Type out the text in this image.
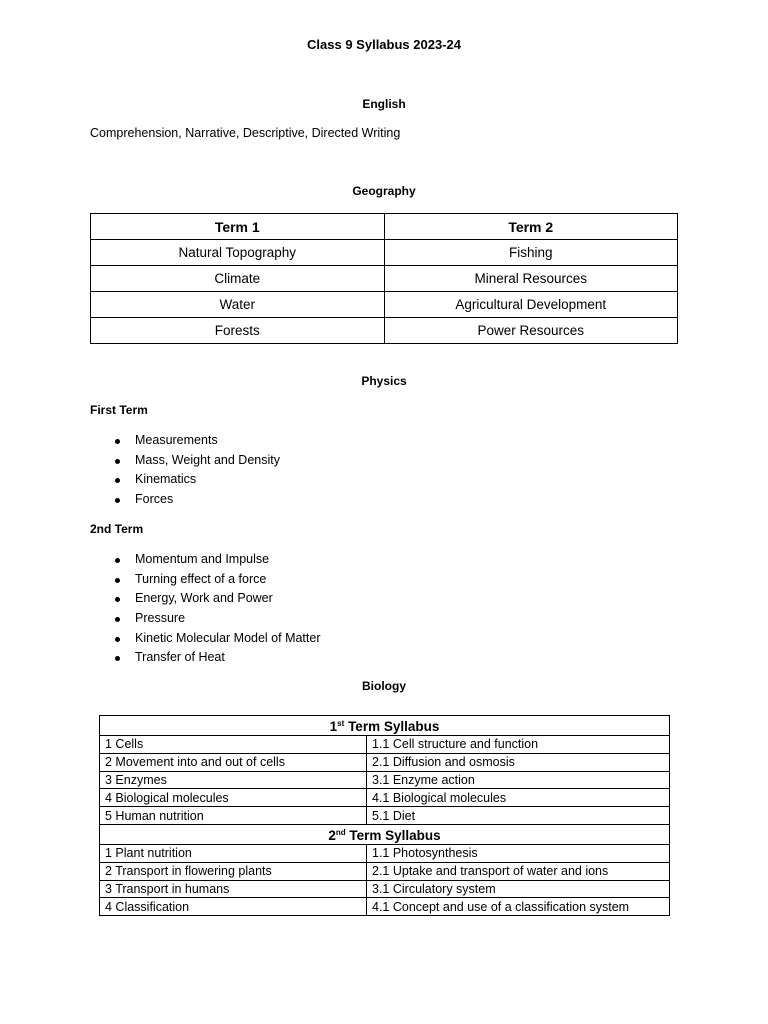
Class 9 Syllabus 2023-24
English
Comprehension, Narrative, Descriptive, Directed Writing
Geography
Term 1	Term 2
Natural Topography	Fishing
Climate	Mineral Resources
Water	Agricultural Development
Forests	Power Resources
Physics
First Term
Measurements
Mass, Weight and Density
Kinematics
Forces
2nd Term
Momentum and Impulse
Turning effect of a force
Energy, Work and Power
Pressure
Kinetic Molecular Model of Matter
Transfer of Heat
Biology
1st Term Syllabus	
1 Cells	1.1 Cell structure and function
2 Movement into and out of cells	2.1 Diffusion and osmosis
3 Enzymes	3.1 Enzyme action
4 Biological molecules	4.1 Biological molecules
5 Human nutrition	5.1 Diet
2nd Term Syllabus	
1 Plant nutrition	1.1 Photosynthesis
2 Transport in flowering plants	2.1 Uptake and transport of water and ions
3 Transport in humans	3.1 Circulatory system
4 Classification	4.1 Concept and use of a classification system
